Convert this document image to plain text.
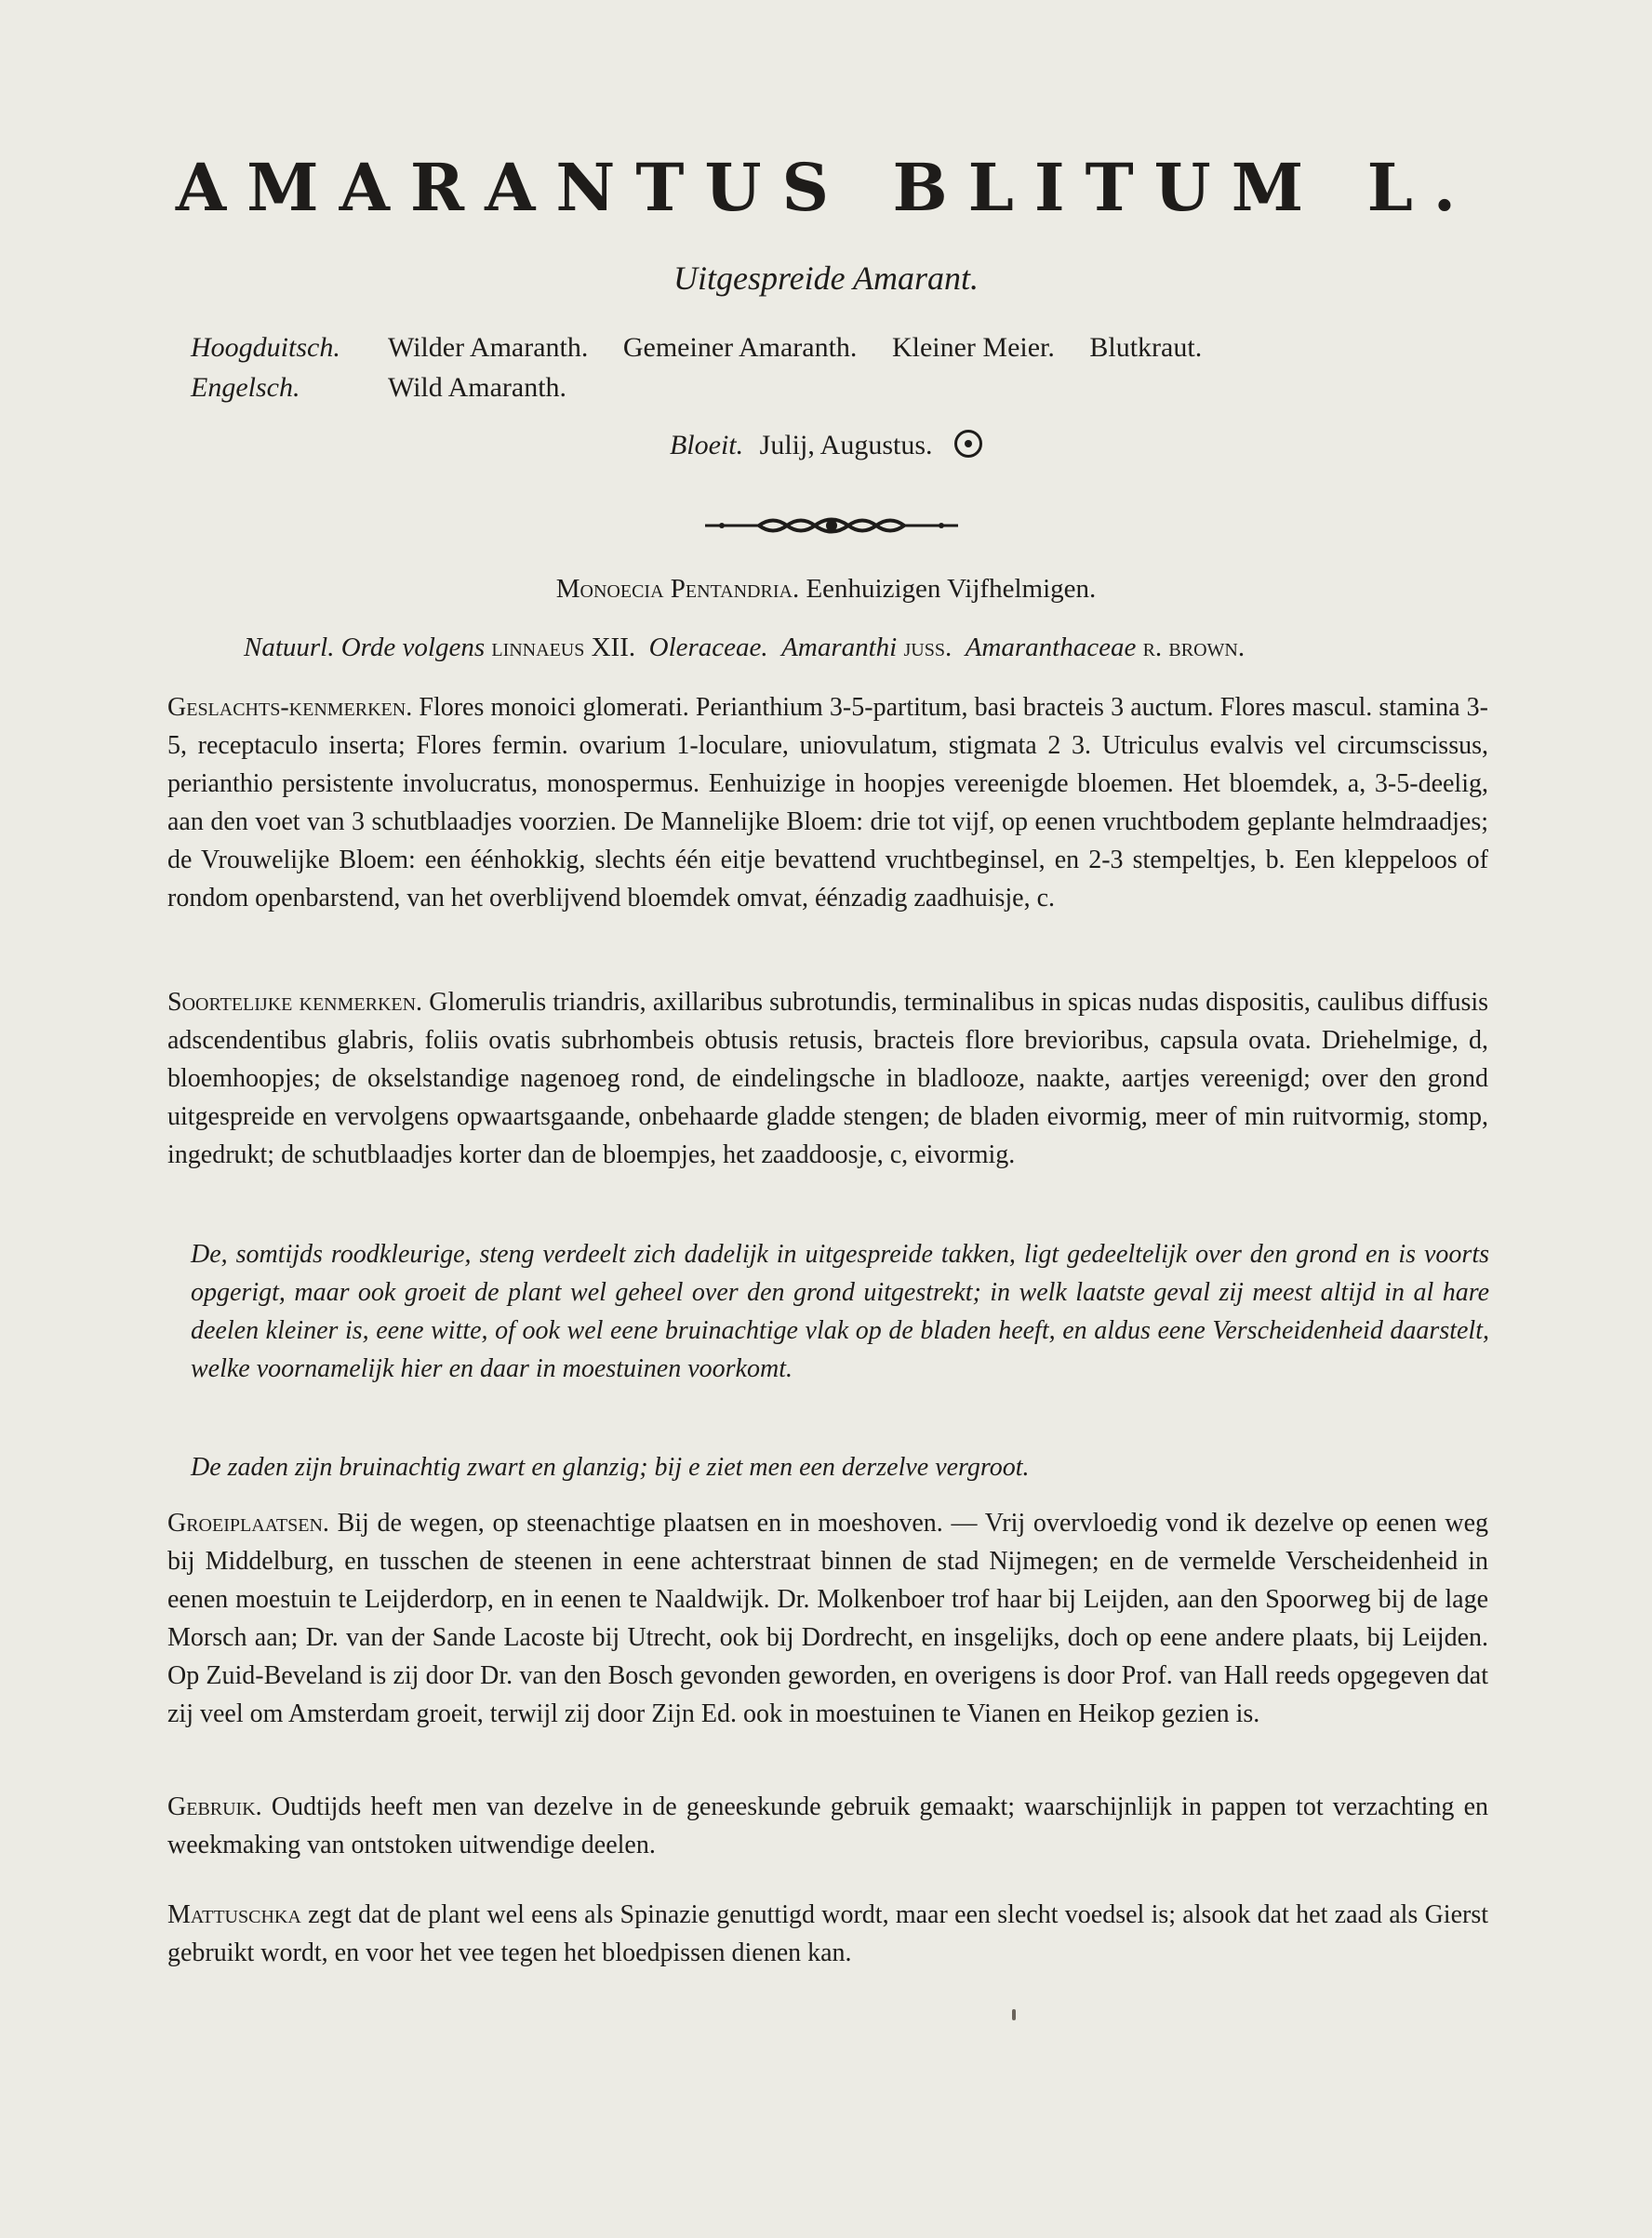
AMARANTUS BLITUM L.
Uitgespreide Amarant.
Hoogduitsch. Wilder Amaranth. Gemeiner Amaranth. Kleiner Meier. Blutkraut.
Engelsch.	Wild Amaranth.
Bloeit. Julij, Augustus.
Monoecia Pentandria. Eenhuizigen Vijfhelmigen.
Natuurl. Orde volgens linnaeus XII. Oleraceae. Amaranthi juss. Amaranthaceae r. brown.

Geslachts-kenmerken. Flores monoici glomerati. Perianthium 3-5-partitum, basi bracteis 3 auctum. Flores mascul. stamina 3-5, receptaculo inserta; Flores fermin. ovarium 1-loculare, uniovulatum, stigmata 2 3. Utriculus evalvis vel circumscissus, perianthio persistente involucratus, monospermus. Eenhuizige in hoopjes vereenigde bloemen. Het bloemdek, a, 3-5-deelig, aan den voet van 3 schutblaadjes voorzien. De Mannelijke Bloem: drie tot vijf, op eenen vruchtbodem geplante helmdraadjes; de Vrouwelijke Bloem: een éénhokkig, slechts één eitje bevattend vruchtbeginsel, en 2-3 stempeltjes, b. Een kleppeloos of rondom openbarstend, van het overblijvend bloemdek omvat, éénzadig zaadhuisje, c.

Soortelijke kenmerken. Glomerulis triandris, axillaribus subrotundis, terminalibus in spicas nudas dispositis, caulibus diffusis adscendentibus glabris, foliis ovatis subrhombeis obtusis retusis, bracteis flore brevioribus, capsula ovata. Driehelmige, d, bloemhoopjes; de okselstandige nagenoeg rond, de eindelingsche in bladlooze, naakte, aartjes vereenigd; over den grond uitgespreide en vervolgens opwaartsgaande, onbehaarde gladde stengen; de bladen eivormig, meer of min ruitvormig, stomp, ingedrukt; de schutblaadjes korter dan de bloempjes, het zaaddoosje, c, eivormig.

De, somtijds roodkleurige, steng verdeelt zich dadelijk in uitgespreide takken, ligt gedeeltelijk over den grond en is voorts opgerigt, maar ook groeit de plant wel geheel over den grond uitgestrekt; in welk laatste geval zij meest altijd in al hare deelen kleiner is, eene witte, of ook wel eene bruinachtige vlak op de bladen heeft, en aldus eene Verscheidenheid daarstelt, welke voornamelijk hier en daar in moestuinen voorkomt.

De zaden zijn bruinachtig zwart en glanzig; bij e ziet men een derzelve vergroot.

Groeiplaatsen. Bij de wegen, op steenachtige plaatsen en in moeshoven. — Vrij overvloedig vond ik dezelve op eenen weg bij Middelburg, en tusschen de steenen in eene achterstraat binnen de stad Nijmegen; en de vermelde Verscheidenheid in eenen moestuin te Leijderdorp, en in eenen te Naaldwijk. Dr. Molkenboer trof haar bij Leijden, aan den Spoorweg bij de lage Morsch aan; Dr. van der Sande Lacoste bij Utrecht, ook bij Dordrecht, en insgelijks, doch op eene andere plaats, bij Leijden. Op Zuid-Beveland is zij door Dr. van den Bosch gevonden geworden, en overigens is door Prof. van Hall reeds opgegeven dat zij veel om Amsterdam groeit, terwijl zij door Zijn Ed. ook in moestuinen te Vianen en Heikop gezien is.

Gebruik. Oudtijds heeft men van dezelve in de geneeskunde gebruik gemaakt; waarschijnlijk in pappen tot verzachting en weekmaking van ontstoken uitwendige deelen.

Mattuschka zegt dat de plant wel eens als Spinazie genuttigd wordt, maar een slecht voedsel is; alsook dat het zaad als Gierst gebruikt wordt, en voor het vee tegen het bloedpissen dienen kan.
